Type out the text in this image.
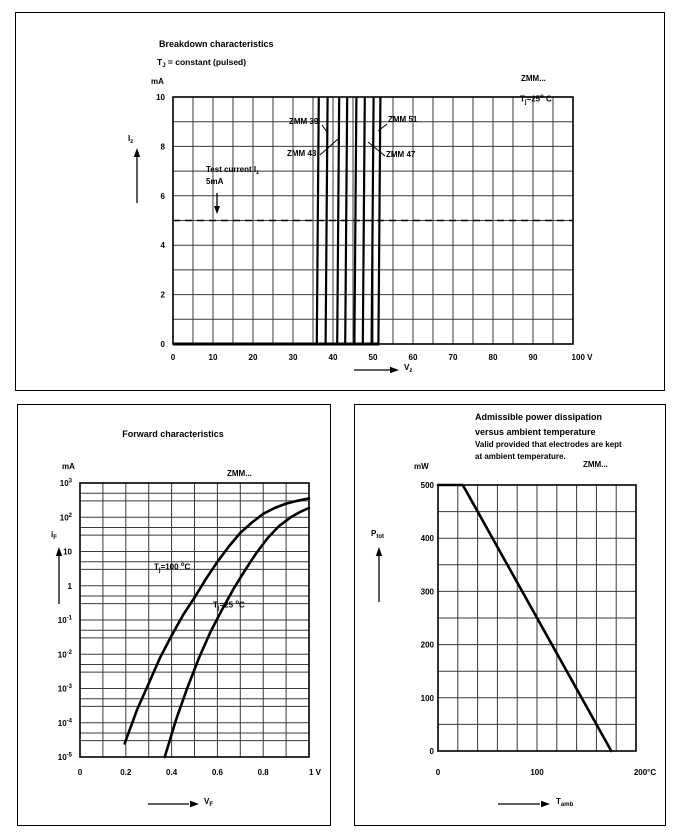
0	10	20	30	40	50	60	70	80	90	100 V
0
2
4
6
8
10
Breakdown characteristics
$T_J$ = constant (pulsed)
mA	ZMM...
$T_j=25^o$ C
ZMM 39	ZMM 51
ZMM 43	ZMM 47
Test current $I_z$
5mA
$I_z$
$V_z$
0	0.2	0.4	0.6	0.8	1 V
$10^3$
$10^2$
10
1
$10^{-1}$
$10^{-2}$
$10^{-3}$
$10^{-4}$
$10^{-5}$
Forward characteristics
ZMM...
mA
$i_F$
$T_j=100$ $^o$C
$T_j=25$ $^o$C
$V_F$
0	100	200°C
0
100
200
300
400
500
Admissible power dissipation
versus ambient temperature
Valid provided that electrodes are kept
at ambient temperature.
ZMM...
mW
$P_{tot}$
$T_{amb}$
